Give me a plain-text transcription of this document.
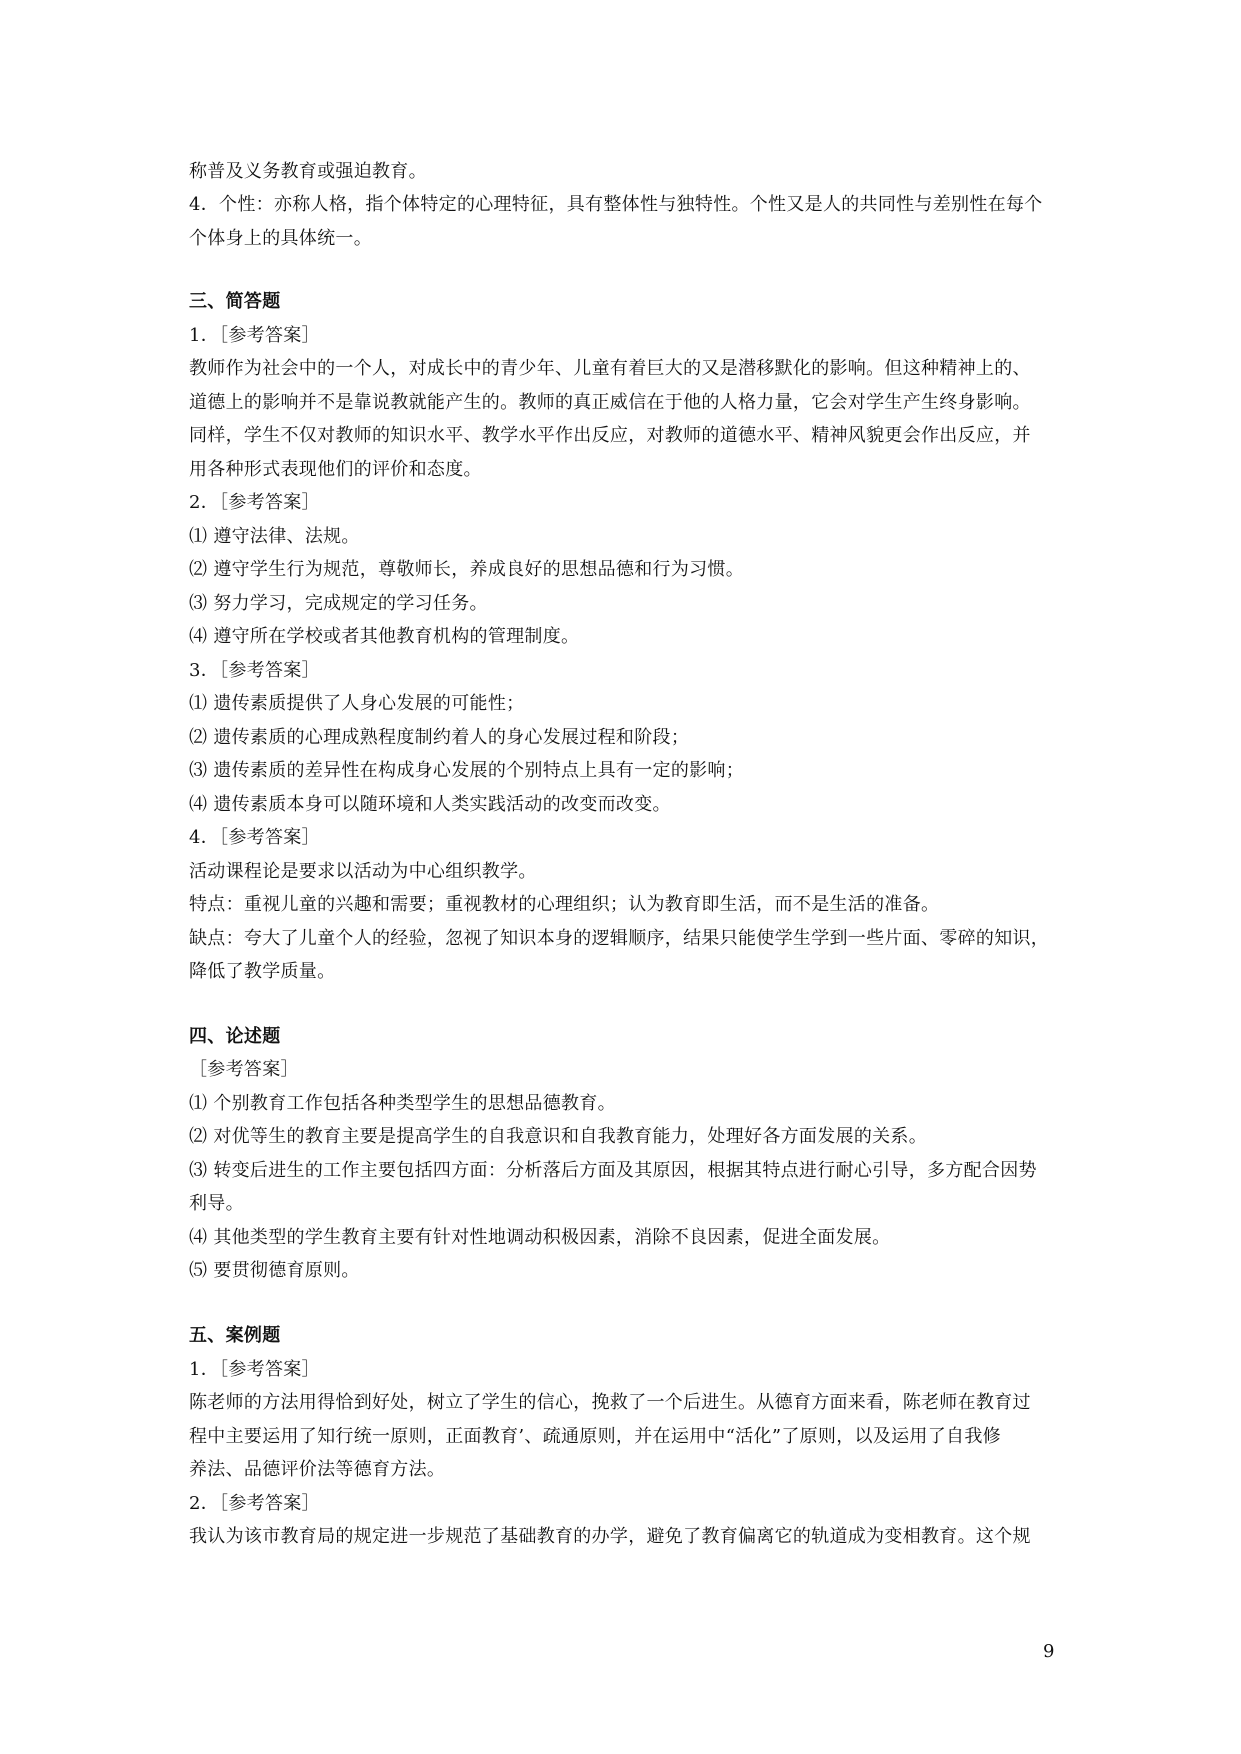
称普及义务教育或强迫教育。
4．个性：亦称人格，指个体特定的心理特征，具有整体性与独特性。个性又是人的共同性与差别性在每个
个体身上的具体统一。
三、简答题
1．［参考答案］
教师作为社会中的一个人，对成长中的青少年、儿童有着巨大的又是潜移默化的影响。但这种精神上的、
道德上的影响并不是靠说教就能产生的。教师的真正威信在于他的人格力量，它会对学生产生终身影响。
同样，学生不仅对教师的知识水平、教学水平作出反应，对教师的道德水平、精神风貌更会作出反应，并
用各种形式表现他们的评价和态度。
2．［参考答案］
⑴ 遵守法律、法规。
⑵ 遵守学生行为规范，尊敬师长，养成良好的思想品德和行为习惯。
⑶ 努力学习，完成规定的学习任务。
⑷ 遵守所在学校或者其他教育机构的管理制度。
3．［参考答案］
⑴ 遗传素质提供了人身心发展的可能性；
⑵ 遗传素质的心理成熟程度制约着人的身心发展过程和阶段；
⑶ 遗传素质的差异性在构成身心发展的个别特点上具有一定的影响；
⑷ 遗传素质本身可以随环境和人类实践活动的改变而改变。
4．［参考答案］
活动课程论是要求以活动为中心组织教学。
特点：重视儿童的兴趣和需要；重视教材的心理组织；认为教育即生活，而不是生活的准备。
缺点：夸大了儿童个人的经验，忽视了知识本身的逻辑顺序，结果只能使学生学到一些片面、零碎的知识，
降低了教学质量。
四、论述题
［参考答案］
⑴ 个别教育工作包括各种类型学生的思想品德教育。
⑵ 对优等生的教育主要是提高学生的自我意识和自我教育能力，处理好各方面发展的关系。
⑶ 转变后进生的工作主要包括四方面：分析落后方面及其原因，根据其特点进行耐心引导，多方配合因势
利导。
⑷ 其他类型的学生教育主要有针对性地调动积极因素，消除不良因素，促进全面发展。
⑸ 要贯彻德育原则。
五、案例题
1．［参考答案］
陈老师的方法用得恰到好处，树立了学生的信心，挽救了一个后进生。从德育方面来看，陈老师在教育过
程中主要运用了知行统一原则，正面教育’、疏通原则，并在运用中“活化”了原则，以及运用了自我修
养法、品德评价法等德育方法。
2．［参考答案］
我认为该市教育局的规定进一步规范了基础教育的办学，避免了教育偏离它的轨道成为变相教育。这个规
9
